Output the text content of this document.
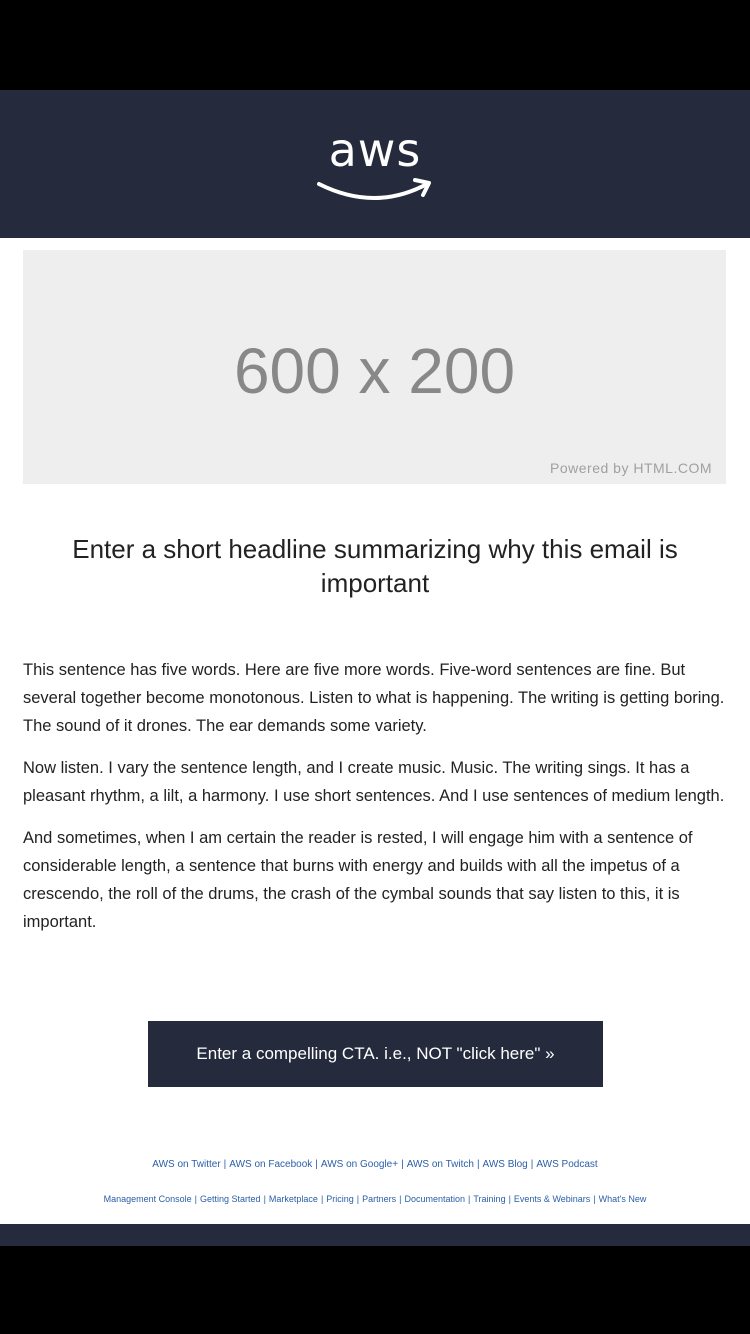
aws
600 x 200
Powered by HTML.COM
Enter a short headline summarizing why this email is important

This sentence has five words. Here are five more words. Five-word sentences are fine. But several together become monotonous. Listen to what is happening. The writing is getting boring. The sound of it drones. The ear demands some variety.

Now listen. I vary the sentence length, and I create music. Music. The writing sings. It has a pleasant rhythm, a lilt, a harmony. I use short sentences. And I use sentences of medium length.

And sometimes, when I am certain the reader is rested, I will engage him with a sentence of considerable length, a sentence that burns with energy and builds with all the impetus of a crescendo, the roll of the drums, the crash of the cymbal sounds that say listen to this, it is important.

Enter a compelling CTA. i.e., NOT "click here" »
AWS on Twitter | AWS on Facebook | AWS on Google+ | AWS on Twitch | AWS Blog | AWS Podcast
Management Console | Getting Started | Marketplace | Pricing | Partners | Documentation | Training | Events & Webinars | What's New
